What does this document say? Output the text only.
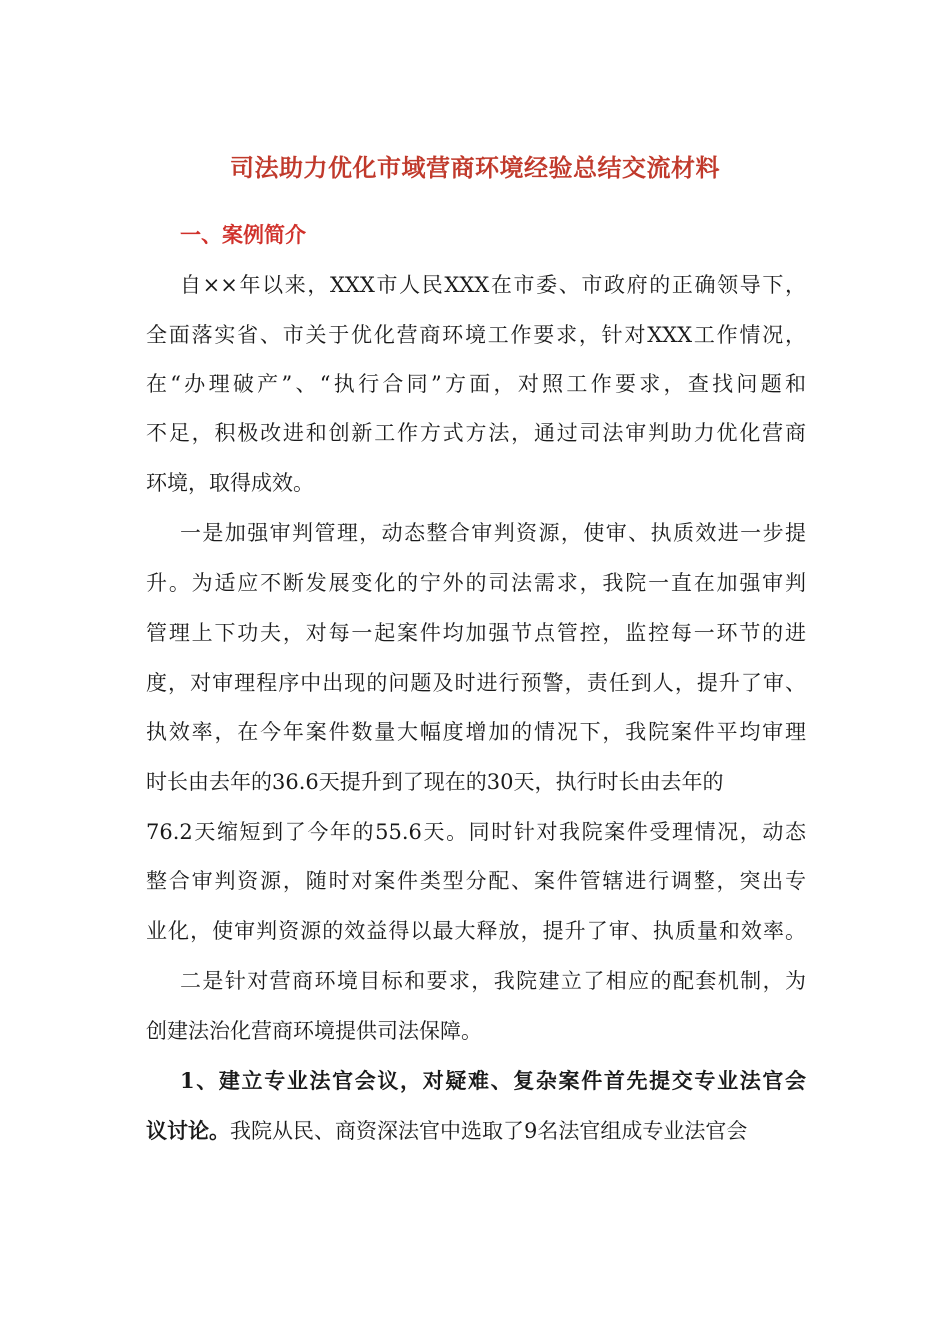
司法助力优化市域营商环境经验总结交流材料
一、案例简介

自××年以来，XXX市人民XXX在市委、市政府的正确领导下，

全面落实省、市关于优化营商环境工作要求，针对XXX工作情况，

在“办理破产”、“执行合同”方面，对照工作要求，查找问题和

不足，积极改进和创新工作方式方法，通过司法审判助力优化营商

环境，取得成效。

一是加强审判管理，动态整合审判资源，使审、执质效进一步提

升。为适应不断发展变化的宁外的司法需求，我院一直在加强审判

管理上下功夫，对每一起案件均加强节点管控，监控每一环节的进

度，对审理程序中出现的问题及时进行预警，责任到人，提升了审、

执效率，在今年案件数量大幅度增加的情况下，我院案件平均审理

时长由去年的36.6天提升到了现在的30天，执行时长由去年的

76.2天缩短到了今年的55.6天。同时针对我院案件受理情况，动态

整合审判资源，随时对案件类型分配、案件管辖进行调整，突出专

业化，使审判资源的效益得以最大释放，提升了审、执质量和效率。

二是针对营商环境目标和要求，我院建立了相应的配套机制，为

创建法治化营商环境提供司法保障。

1、建立专业法官会议，对疑难、复杂案件首先提交专业法官会

议讨论。我院从民、商资深法官中选取了9名法官组成专业法官会
